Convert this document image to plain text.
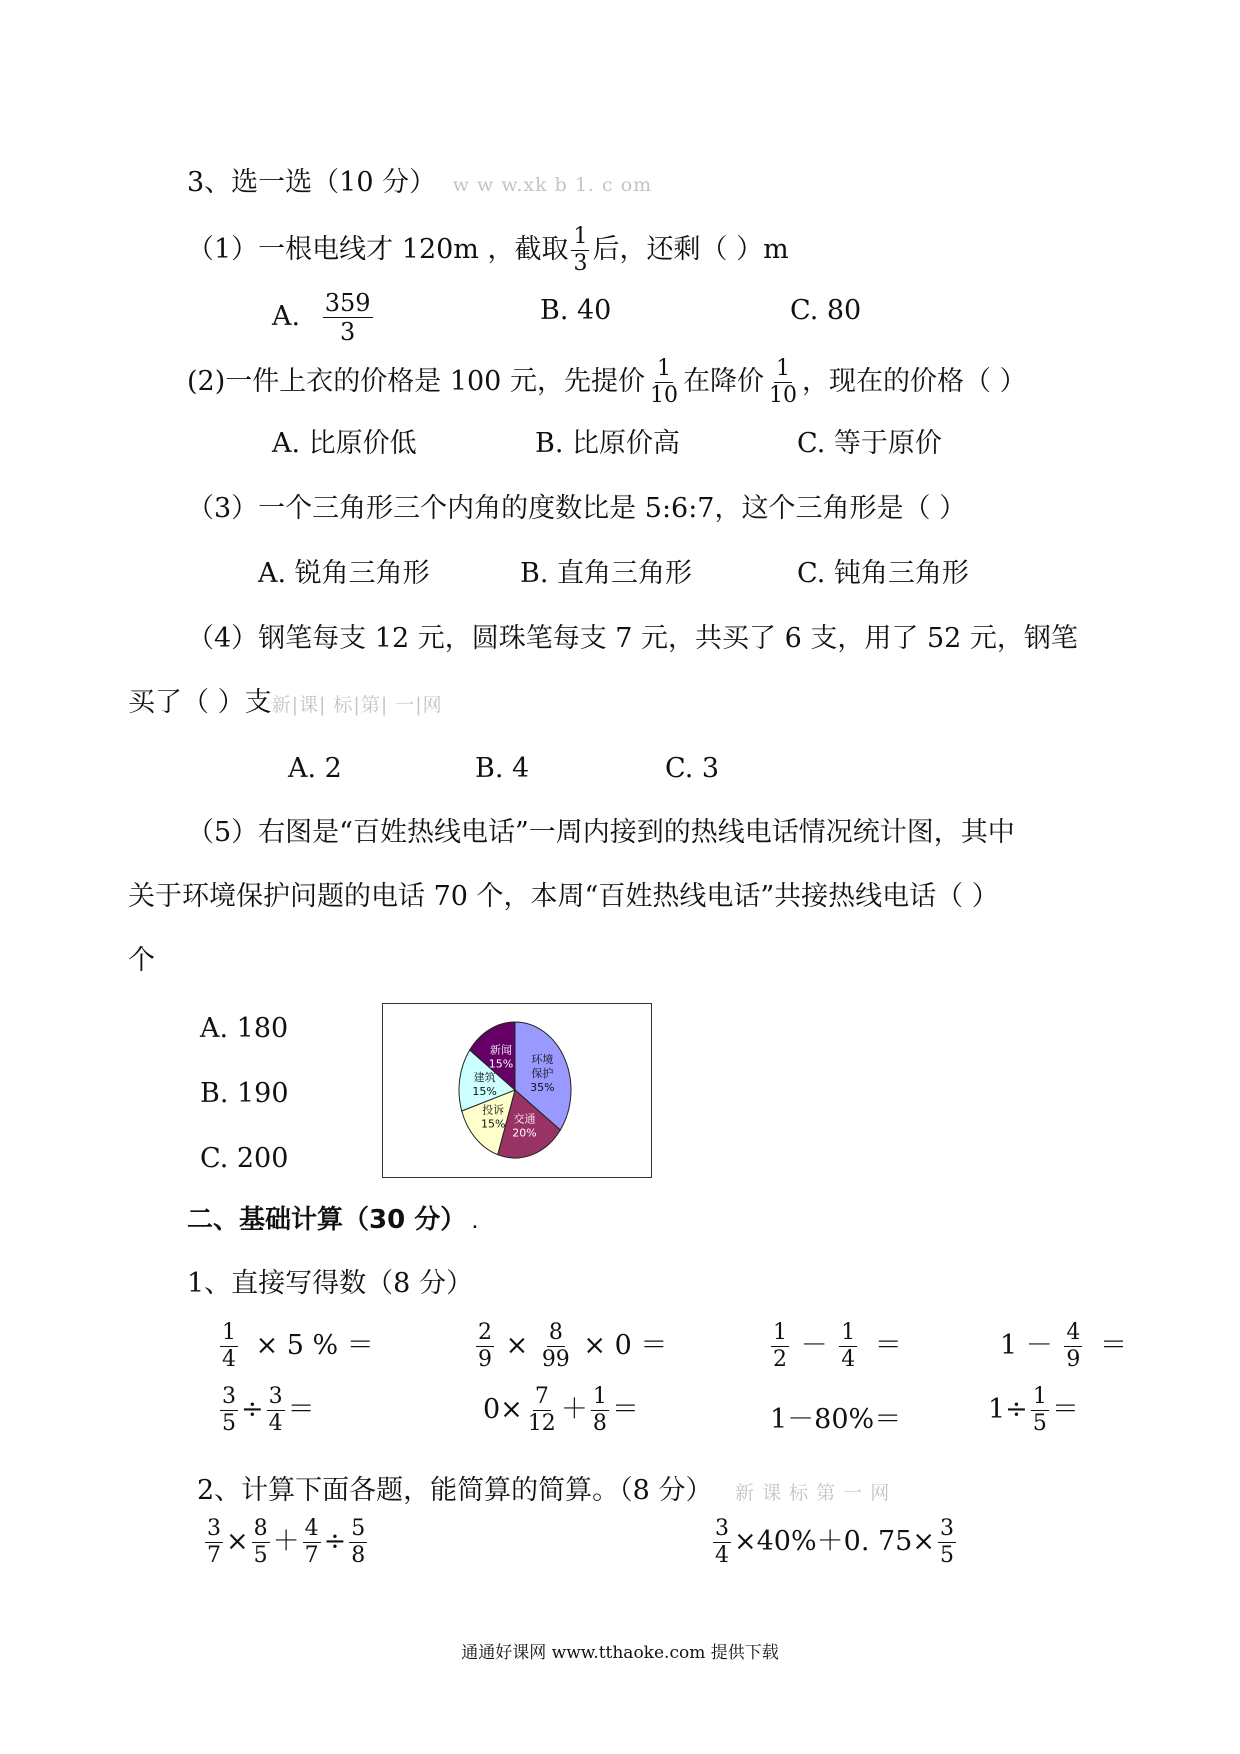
3、选一选（10 分） w w w.xk b 1. c om
（1）一根电线才 120m ，截取 $\frac{1}{3}$ 后，还剩（ ）m
A. $\frac{359}{3}$	B. 40	C. 80
(2)一件上衣的价格是 100 元，先提价 $\frac{1}{10}$ 在降价 $\frac{1}{10}$ ，现在的价格（ ）
A. 比原价低	B. 比原价高	C. 等于原价
（3）一个三角形三个内角的度数比是 5:6:7，这个三角形是（ ）
A. 锐角三角形	B. 直角三角形	C. 钝角三角形
（4）钢笔每支 12 元，圆珠笔每支 7 元，共买了 6 支，用了 52 元，钢笔
买了（ ）支新|课| 标|第| 一|网
A. 2	B. 4	C. 3
（5）右图是“百姓热线电话”一周内接到的热线电话情况统计图，其中
关于环境保护问题的电话 70 个，本周“百姓热线电话”共接热线电话（ ）
个
A. 180
B. 190
C. 200
环境
保护
35%
交通
20%
投诉
15%
建筑
15%
新闻
15%
二、基础计算（30 分） .
1、直接写得数（8 分）
$\frac{1}{4} \times 5$ % ＝	$\frac{2}{9} \times \frac{8}{99} \times 0$ ＝	$\frac{1}{2} - \frac{1}{4}$ ＝	$1 - \frac{4}{9}$ ＝
$\frac{3}{5} \div \frac{3}{4}$ ＝	$0\times \frac{7}{12} + \frac{1}{8}$ ＝	1－80%＝	$1\div \frac{1}{5}$ ＝
2、计算下面各题，能简算的简算。（8 分） 新 课 标 第 一 网
$\frac{3}{7} \times \frac{8}{5} + \frac{4}{7} \div \frac{5}{8}$	$\frac{3}{4} \times 40\%+0$. $75\times \frac{3}{5}$
通通好课网 www.tthaoke.com 提供下载
